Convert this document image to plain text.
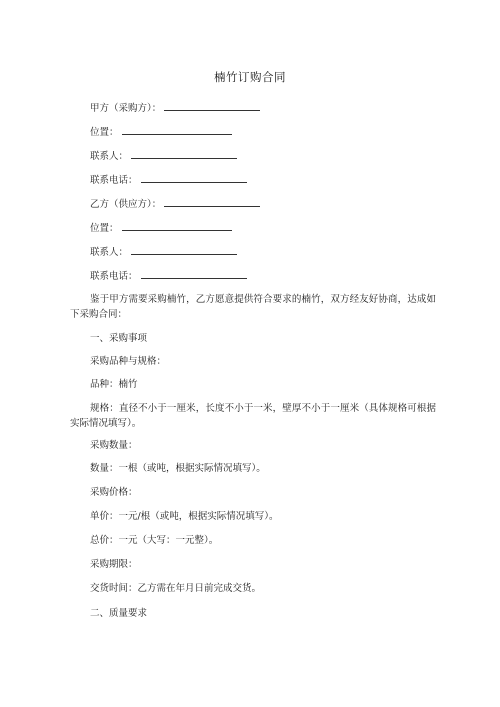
楠竹订购合同
甲方（采购方）：
位置：
联系人：
联系电话：
乙方（供应方）：
位置：
联系人：
联系电话：
鉴于甲方需要采购楠竹，乙方愿意提供符合要求的楠竹，双方经友好协商，达成如下采购合同：
一、采购事项
采购品种与规格：
品种：楠竹
规格：直径不小于一厘米，长度不小于一米，壁厚不小于一厘米（具体规格可根据实际情况填写）。
采购数量：
数量：一根（或吨，根据实际情况填写）。
采购价格：
单价：一元/根（或吨，根据实际情况填写）。
总价：一元（大写：一元整）。
采购期限：
交货时间：乙方需在年月日前完成交货。
二、质量要求
